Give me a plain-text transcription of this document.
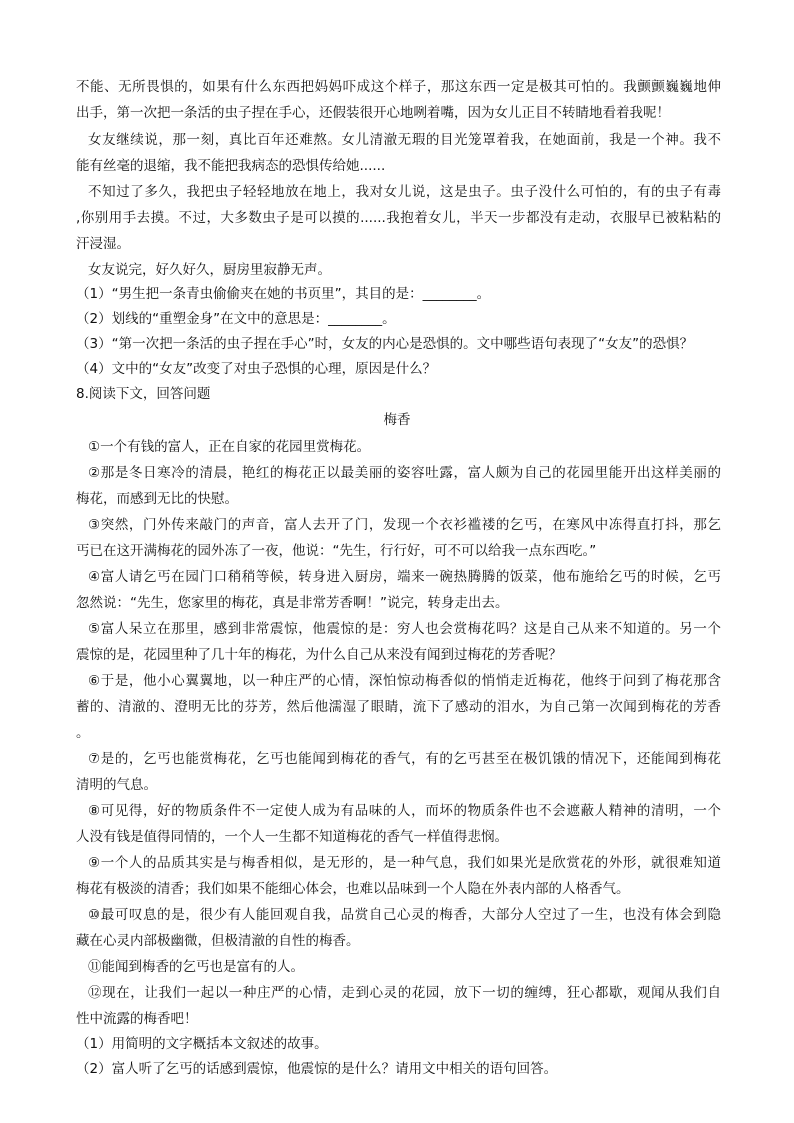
不能、无所畏惧的，如果有什么东西把妈妈吓成这个样子，那这东西一定是极其可怕的。我颤颤巍巍地伸
出手，第一次把一条活的虫子捏在手心，还假装很开心地咧着嘴，因为女儿正目不转睛地看着我呢！
女友继续说，那一刻，真比百年还难熬。女儿清澈无瑕的目光笼罩着我，在她面前，我是一个神。我不
能有丝毫的退缩，我不能把我病态的恐惧传给她......
不知过了多久，我把虫子轻轻地放在地上，我对女儿说，这是虫子。虫子没什么可怕的，有的虫子有毒
,你别用手去摸。不过，大多数虫子是可以摸的......我抱着女儿，半天一步都没有走动，衣服早已被粘粘的
汗浸湿。
女友说完，好久好久，厨房里寂静无声。
（1）“男生把一条青虫偷偷夹在她的书页里”，其目的是：________。
（2）划线的“重塑金身”在文中的意思是：________。
（3）“第一次把一条活的虫子捏在手心”时，女友的内心是恐惧的。文中哪些语句表现了“女友”的恐惧？
（4）文中的“女友”改变了对虫子恐惧的心理，原因是什么？
8.阅读下文，回答问题
梅香
①一个有钱的富人，正在自家的花园里赏梅花。
②那是冬日寒冷的清晨，艳红的梅花正以最美丽的姿容吐露，富人颇为自己的花园里能开出这样美丽的
梅花，而感到无比的快慰。
③突然，门外传来敲门的声音，富人去开了门，发现一个衣衫褴褛的乞丐，在寒风中冻得直打抖，那乞
丐已在这开满梅花的园外冻了一夜，他说：“先生，行行好，可不可以给我一点东西吃。”
④富人请乞丐在园门口稍稍等候，转身进入厨房，端来一碗热腾腾的饭菜，他布施给乞丐的时候，乞丐
忽然说：“先生，您家里的梅花，真是非常芳香啊！”说完，转身走出去。
⑤富人呆立在那里，感到非常震惊，他震惊的是：穷人也会赏梅花吗？这是自己从来不知道的。另一个
震惊的是，花园里种了几十年的梅花，为什么自己从来没有闻到过梅花的芳香呢？
⑥于是，他小心翼翼地，以一种庄严的心情，深怕惊动梅香似的悄悄走近梅花，他终于问到了梅花那含
蓄的、清澈的、澄明无比的芬芳，然后他濡湿了眼睛，流下了感动的泪水，为自己第一次闻到梅花的芳香
。
⑦是的，乞丐也能赏梅花，乞丐也能闻到梅花的香气，有的乞丐甚至在极饥饿的情况下，还能闻到梅花
清明的气息。
⑧可见得，好的物质条件不一定使人成为有品味的人，而坏的物质条件也不会遮蔽人精神的清明，一个
人没有钱是值得同情的，一个人一生都不知道梅花的香气一样值得悲悯。
⑨一个人的品质其实是与梅香相似，是无形的，是一种气息，我们如果光是欣赏花的外形，就很难知道
梅花有极淡的清香；我们如果不能细心体会，也难以品味到一个人隐在外表内部的人格香气。
⑩最可叹息的是，很少有人能回观自我，品赏自己心灵的梅香，大部分人空过了一生，也没有体会到隐
藏在心灵内部极幽微，但极清澈的自性的梅香。
⑪能闻到梅香的乞丐也是富有的人。
⑫现在，让我们一起以一种庄严的心情，走到心灵的花园，放下一切的缠缚，狂心都歇，观闻从我们自
性中流露的梅香吧！
（1）用简明的文字概括本文叙述的故事。
（2）富人听了乞丐的话感到震惊，他震惊的是什么？请用文中相关的语句回答。
